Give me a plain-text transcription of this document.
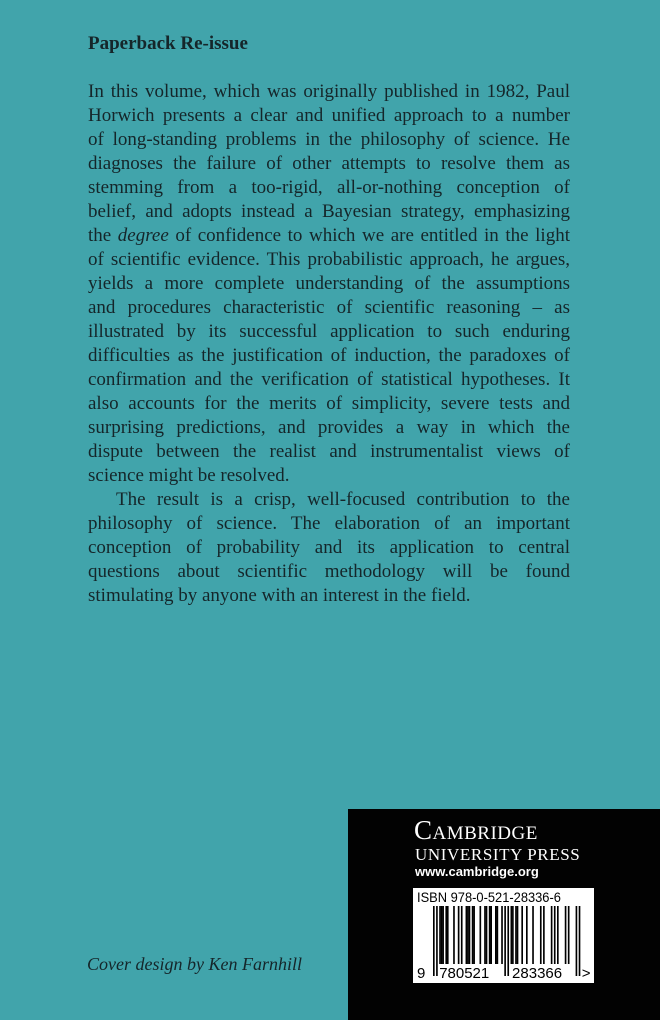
Paperback Re-issue
In this volume, which was originally published in 1982, Paul
Horwich presents a clear and unified approach to a number
of long-standing problems in the philosophy of science. He
diagnoses the failure of other attempts to resolve them as
stemming from a too-rigid, all-or-nothing conception of
belief, and adopts instead a Bayesian strategy, emphasizing
the degree of confidence to which we are entitled in the light
of scientific evidence. This probabilistic approach, he argues,
yields a more complete understanding of the assumptions
and procedures characteristic of scientific reasoning – as
illustrated by its successful application to such enduring
difficulties as the justification of induction, the paradoxes of
confirmation and the verification of statistical hypotheses. It
also accounts for the merits of simplicity, severe tests and
surprising predictions, and provides a way in which the
dispute between the realist and instrumentalist views of
science might be resolved.
The result is a crisp, well-focused contribution to the
philosophy of science. The elaboration of an important
conception of probability and its application to central
questions about scientific methodology will be found
stimulating by anyone with an interest in the field.
Cover design by Ken Farnhill
Cambridge
UNIVERSITY PRESS
www.cambridge.org
ISBN 978-0-521-28336-6
9 780521 283366 >
